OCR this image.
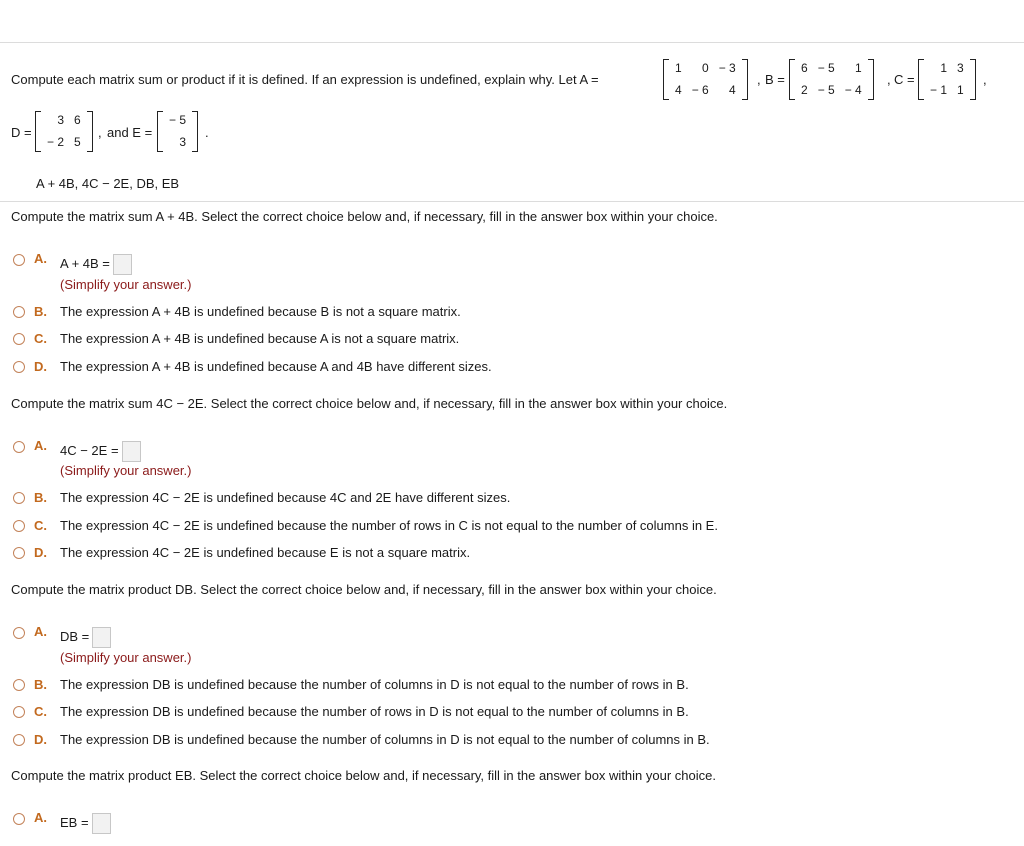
Compute each matrix sum or product if it is defined. If an expression is undefined, explain why. Let A =
1	0 − 3
4 − 6	4
, B =
6 − 5	1
2 − 5 − 4
, C =
1 3
− 1 1
,
D =
3 6
− 2 5
, and E =
− 5
3
.
A + 4B, 4C − 2E, DB, EB
Compute the matrix sum A + 4B. Select the correct choice below and, if necessary, fill in the answer box within your choice.
A. A + 4B =
(Simplify your answer.)
B. The expression A + 4B is undefined because B is not a square matrix.
C. The expression A + 4B is undefined because A is not a square matrix.
D. The expression A + 4B is undefined because A and 4B have different sizes.
Compute the matrix sum 4C − 2E. Select the correct choice below and, if necessary, fill in the answer box within your choice.
A. 4C − 2E =
(Simplify your answer.)
B. The expression 4C − 2E is undefined because 4C and 2E have different sizes.
C. The expression 4C − 2E is undefined because the number of rows in C is not equal to the number of columns in E.
D. The expression 4C − 2E is undefined because E is not a square matrix.
Compute the matrix product DB. Select the correct choice below and, if necessary, fill in the answer box within your choice.
A. DB =
(Simplify your answer.)
B. The expression DB is undefined because the number of columns in D is not equal to the number of rows in B.
C. The expression DB is undefined because the number of rows in D is not equal to the number of columns in B.
D. The expression DB is undefined because the number of columns in D is not equal to the number of columns in B.
Compute the matrix product EB. Select the correct choice below and, if necessary, fill in the answer box within your choice.
A. EB =
